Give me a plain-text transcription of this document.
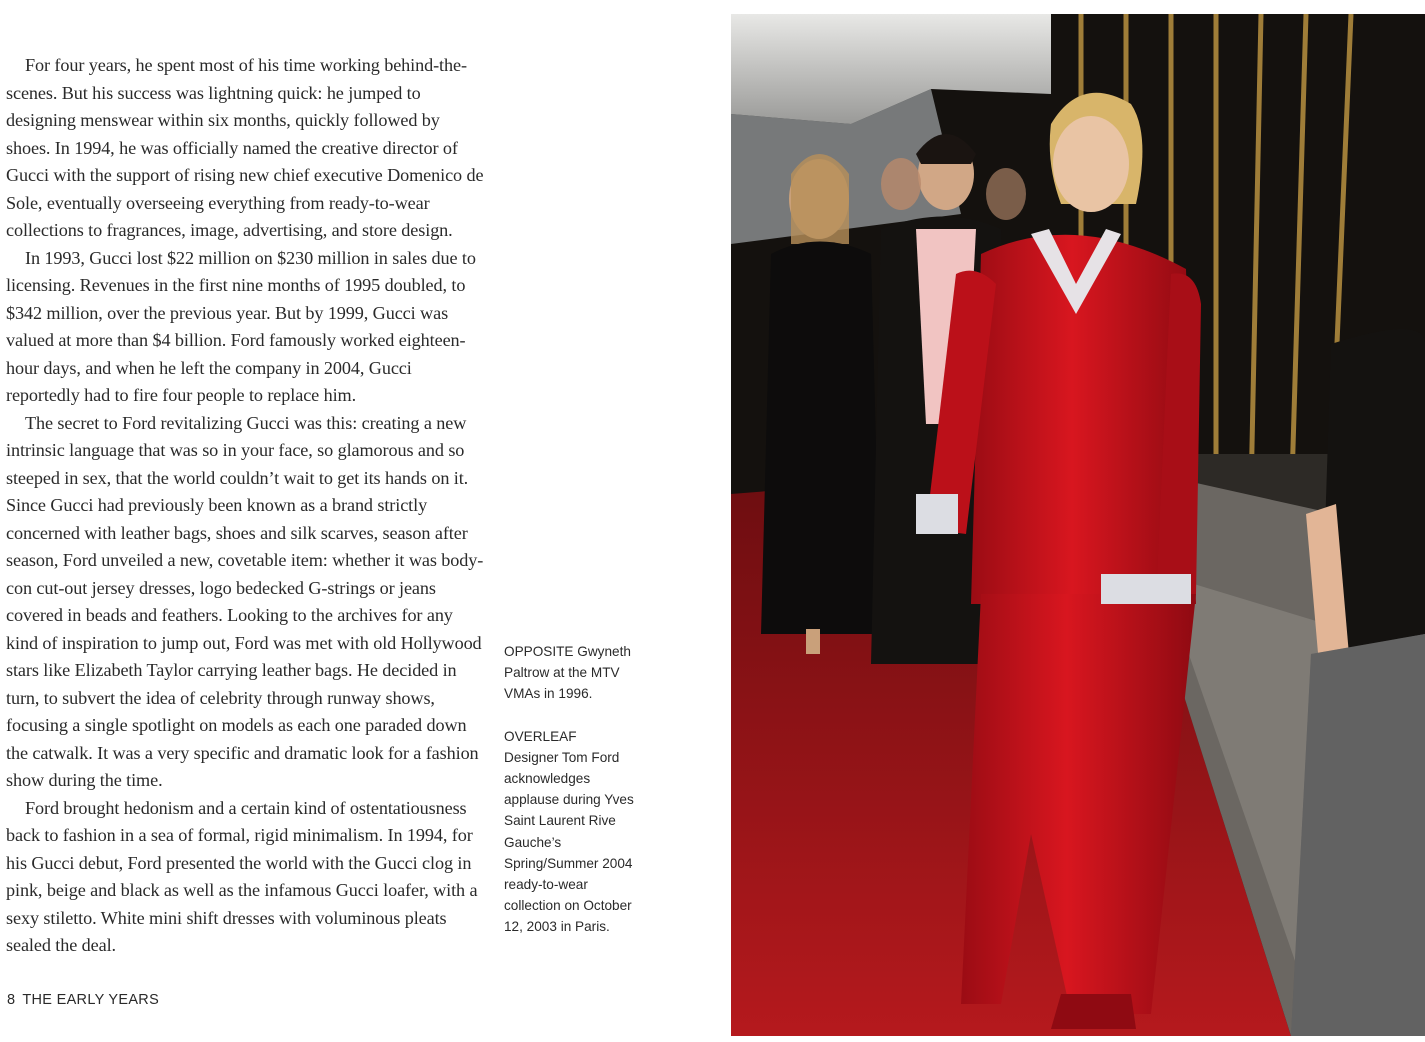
For four years, he spent most of his time working behind-the-scenes. But his success was lightning quick: he jumped to designing menswear within six months, quickly followed by shoes. In 1994, he was officially named the creative director of Gucci with the support of rising new chief executive Domenico de Sole, eventually overseeing everything from ready-to-wear collections to fragrances, image, advertising, and store design.

In 1993, Gucci lost $22 million on $230 million in sales due to licensing. Revenues in the first nine months of 1995 doubled, to $342 million, over the previous year. But by 1999, Gucci was valued at more than $4 billion. Ford famously worked eighteen-hour days, and when he left the company in 2004, Gucci reportedly had to fire four people to replace him.

The secret to Ford revitalizing Gucci was this: creating a new intrinsic language that was so in your face, so glamorous and so steeped in sex, that the world couldn’t wait to get its hands on it. Since Gucci had previously been known as a brand strictly concerned with leather bags, shoes and silk scarves, season after season, Ford unveiled a new, covetable item: whether it was body-con cut-out jersey dresses, logo bedecked G-strings or jeans covered in beads and feathers. Looking to the archives for any kind of inspiration to jump out, Ford was met with old Hollywood stars like Elizabeth Taylor carrying leather bags. He decided in turn, to subvert the idea of celebrity through runway shows, focusing a single spotlight on models as each one paraded down the catwalk. It was a very specific and dramatic look for a fashion show during the time.

Ford brought hedonism and a certain kind of ostentatiousness back to fashion in a sea of formal, rigid minimalism. In 1994, for his Gucci debut, Ford presented the world with the Gucci clog in pink, beige and black as well as the infamous Gucci loafer, with a sexy stiletto. White mini shift dresses with voluminous pleats sealed the deal.

OPPOSITE Gwyneth Paltrow at the MTV VMAs in 1996.

OVERLEAF
Designer Tom Ford acknowledges applause during Yves Saint Laurent Rive Gauche’s Spring/Summer 2004 ready-to-wear collection on October 12, 2003 in Paris.

8 THE EARLY YEARS
